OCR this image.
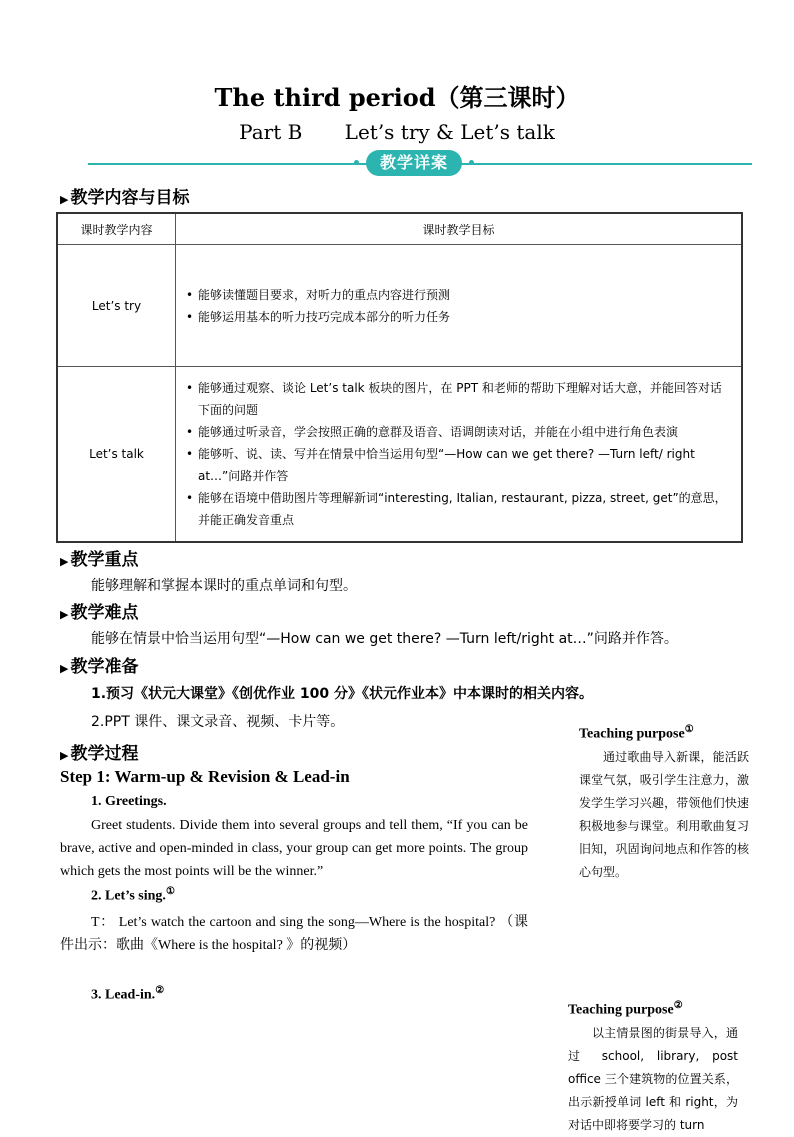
The third period（第三课时）
Part B Let’s try & Let’s talk
教学详案
▶ 教学内容与目标
课时教学内容	课时教学目标
Let’s try	• 能够读懂题目要求，对听力的重点内容进行预测
• 能够运用基本的听力技巧完成本部分的听力任务

Let’s talk	• 能够通过观察、谈论 Let’s talk 板块的图片，在 PPT 和老师的帮助下理解对话大意，并能回答对话下面的问题
• 能够通过听录音，学会按照正确的意群及语音、语调朗读对话，并能在小组中进行角色表演
• 能够听、说、读、写并在情景中恰当运用句型“—How can we get there? —Turn left/ right at…”问路并作答
• 能够在语境中借助图片等理解新词“interesting, Italian, restaurant, pizza, street, get”的意思，并能正确发音重点
▶ 教学重点
能够理解和掌握本课时的重点单词和句型。
▶ 教学难点
能够在情景中恰当运用句型“—How can we get there? —Turn left/right at…”问路并作答。
▶ 教学准备
1.预习《状元大课堂》《创优作业 100 分》《状元作业本》中本课时的相关内容。
2.PPT 课件、课文录音、视频、卡片等。
▶ 教学过程
Step 1: Warm-up & Revision & Lead-in
1. Greetings.
Greet students. Divide them into several groups and tell them, “If you can be brave, active and open-minded in class, your group can get more points. The group which gets the most points will be the winner.”
2. Let’s sing.①
T： Let’s watch the cartoon and sing the song—Where is the hospital? （课件出示：歌曲《Where is the hospital? 》的视频）
3. Lead-in.②
Teaching purpose①
通过歌曲导入新课，能活跃课堂气氛，吸引学生注意力，激发学生学习兴趣，带领他们快速积极地参与课堂。利用歌曲复习旧知，巩固询问地点和作答的核心句型。
Teaching purpose②
以主情景图的街景导入，通过 school, library, post office 三个建筑物的位置关系，出示新授单词 left 和 right，为对话中即将要学习的 turn
